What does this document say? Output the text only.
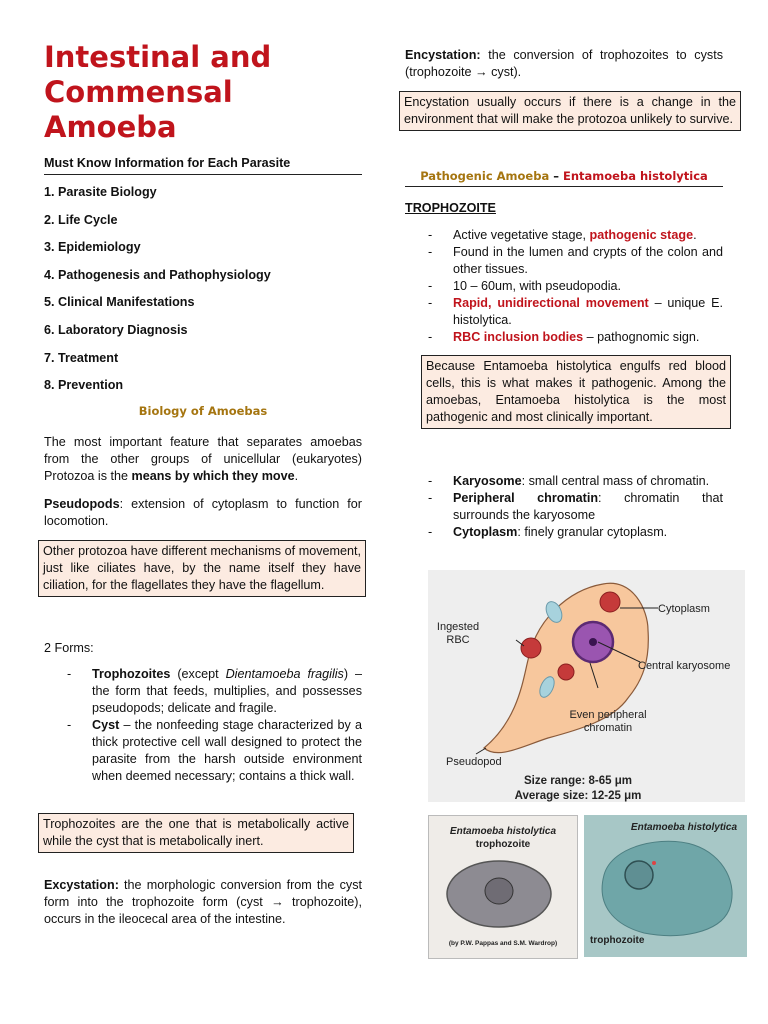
Intestinal and
Commensal
Amoeba
Must Know Information for Each Parasite
1. Parasite Biology
2. Life Cycle
3. Epidemiology
4. Pathogenesis and Pathophysiology
5. Clinical Manifestations
6. Laboratory Diagnosis
7. Treatment
8. Prevention
Biology of Amoebas

The most important feature that separates amoebas from the other groups of unicellular (eukaryotes) Protozoa is the means by which they move.

Pseudopods: extension of cytoplasm to function for locomotion.

Other protozoa have different mechanisms of movement, just like ciliates have, by the name itself they have ciliation, for the flagellates they have the flagellum.

2 Forms:

- Trophozoites (except Dientamoeba fragilis) – the form that feeds, multiplies, and possesses pseudopods; delicate and fragile.
- Cyst – the nonfeeding stage characterized by a thick protective cell wall designed to protect the parasite from the harsh outside environment when deemed necessary; contains a thick wall.
Trophozoites are the one that is metabolically active while the cyst that is metabolically inert.

Excystation: the morphologic conversion from the cyst form into the trophozoite form (cyst → trophozoite), occurs in the ileocecal area of the intestine.

Encystation: the conversion of trophozoites to cysts (trophozoite → cyst).

Encystation usually occurs if there is a change in the environment that will make the protozoa unlikely to survive.
Pathogenic Amoeba – Entamoeba histolytica
TROPHOZOITE
- Active vegetative stage, pathogenic stage.
- Found in the lumen and crypts of the colon and other tissues.
- 10 – 60um, with pseudopodia.
- Rapid, unidirectional movement – unique E. histolytica.
- RBC inclusion bodies – pathognomic sign.
Because Entamoeba histolytica engulfs red blood cells, this is what makes it pathogenic. Among the amoebas, Entamoeba histolytica is the most pathogenic and most clinically important.
- Karyosome: small central mass of chromatin.
- Peripheral chromatin: chromatin that surrounds the karyosome
- Cytoplasm: finely granular cytoplasm.
Cytoplasm
Ingested
RBC
Central karyosome
Even peripheral
chromatin
Pseudopod
Size range: 8-65 μm
Average size: 12-25 μm
Entamoeba histolytica
trophozoite
(by P.W. Pappas and S.M. Wardrop)
Entamoeba histolytica
trophozoite
